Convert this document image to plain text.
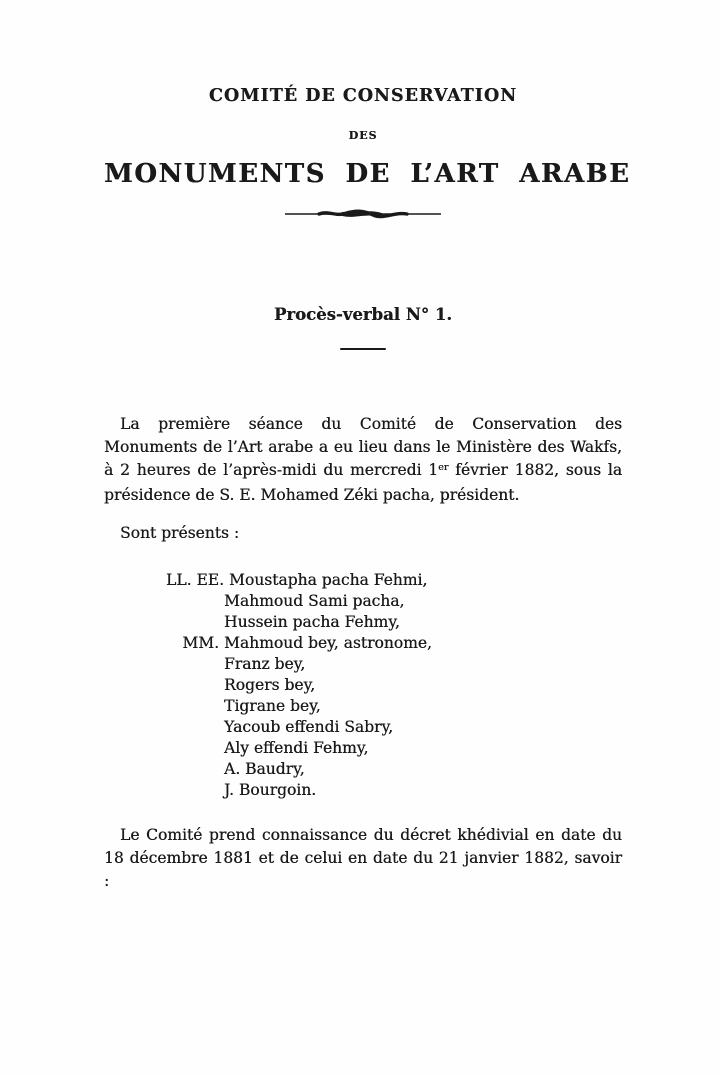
COMITÉ DE CONSERVATION
DES
MONUMENTS DE L’ART ARABE
Procès-verbal N° 1.

La première séance du Comité de Conservation des Monuments de l’Art arabe a eu lieu dans le Ministère des Wakfs, à 2 heures de l’après-midi du mercredi 1er février 1882, sous la présidence de S. E. Mohamed Zéki pacha, président.

Sont présents :

LL. EE. Moustapha pacha Fehmi,
Mahmoud Sami pacha,
Hussein pacha Fehmy,
MM. Mahmoud bey, astronome,
Franz bey,
Rogers bey,
Tigrane bey,
Yacoub effendi Sabry,
Aly effendi Fehmy,
A. Baudry,
J. Bourgoin.

Le Comité prend connaissance du décret khédivial en date du 18 décembre 1881 et de celui en date du 21 janvier 1882, savoir :
